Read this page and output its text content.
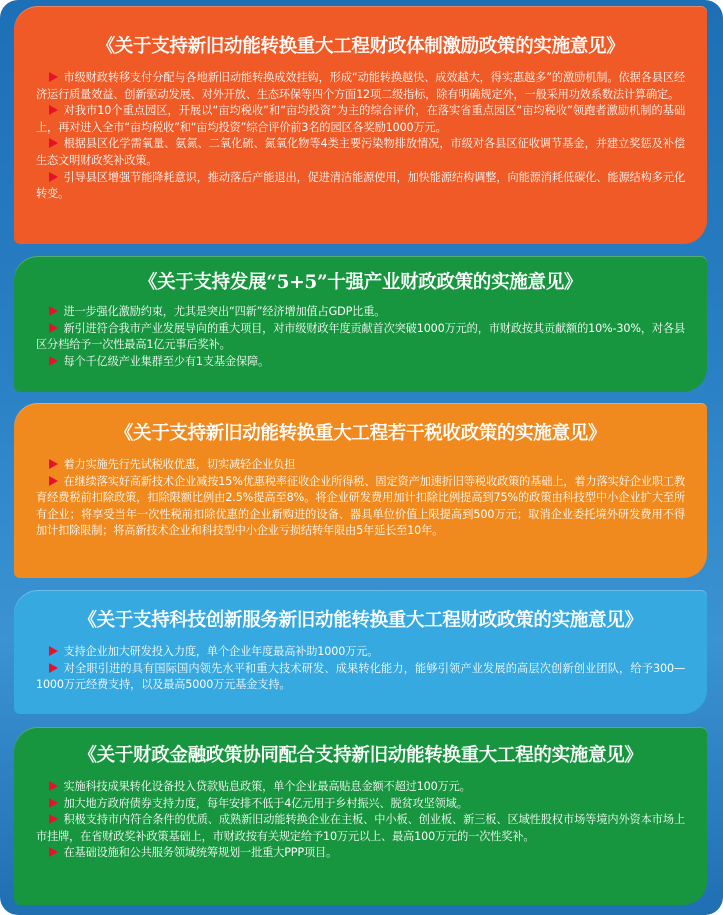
《关于支持新旧动能转换重大工程财政体制激励政策的实施意见》

市级财政转移支付分配与各地新旧动能转换成效挂钩，形成“动能转换越快、成效越大，得实惠越多”的激励机制。依据各县区经济运行质量效益、创新驱动发展、对外开放、生态环保等四个方面12项二级指标，除有明确规定外，一般采用功效系数法计算确定。

对我市10个重点园区，开展以“亩均税收”和“亩均投资”为主的综合评价，在落实省重点园区“亩均税收”领跑者激励机制的基础上，再对进入全市“亩均税收”和“亩均投资”综合评价前3名的园区各奖励1000万元。

根据县区化学需氧量、氨氮、二氧化硫、氮氧化物等4类主要污染物排放情况，市级对各县区征收调节基金，并建立奖惩及补偿生态文明财政奖补政策。

引导县区增强节能降耗意识，推动落后产能退出，促进清洁能源使用，加快能源结构调整，向能源消耗低碳化、能源结构多元化转变。

《关于支持发展“5+5”十强产业财政政策的实施意见》

进一步强化激励约束，尤其是突出“四新”经济增加值占GDP比重。

新引进符合我市产业发展导向的重大项目，对市级财政年度贡献首次突破1000万元的，市财政按其贡献额的10%-30%，对各县区分档给予一次性最高1亿元事后奖补。

每个千亿级产业集群至少有1支基金保障。

《关于支持新旧动能转换重大工程若干税收政策的实施意见》

着力实施先行先试税收优惠，切实减轻企业负担

在继续落实好高新技术企业减按15%优惠税率征收企业所得税、固定资产加速折旧等税收政策的基础上，着力落实好企业职工教育经费税前扣除政策，扣除限额比例由2.5%提高至8%。将企业研发费用加计扣除比例提高到75%的政策由科技型中小企业扩大至所有企业；将享受当年一次性税前扣除优惠的企业新购进的设备、器具单位价值上限提高到500万元；取消企业委托境外研发费用不得加计扣除限制；将高新技术企业和科技型中小企业亏损结转年限由5年延长至10年。

《关于支持科技创新服务新旧动能转换重大工程财政政策的实施意见》

支持企业加大研发投入力度，单个企业年度最高补助1000万元。

对全职引进的具有国际国内领先水平和重大技术研发、成果转化能力，能够引领产业发展的高层次创新创业团队，给予300—1000万元经费支持，以及最高5000万元基金支持。

《关于财政金融政策协同配合支持新旧动能转换重大工程的实施意见》

实施科技成果转化设备投入贷款贴息政策，单个企业最高贴息金额不超过100万元。

加大地方政府债券支持力度，每年安排不低于4亿元用于乡村振兴、脱贫攻坚领域。

积极支持市内符合条件的优质、成熟新旧动能转换企业在主板、中小板、创业板、新三板、区域性股权市场等境内外资本市场上市挂牌，在省财政奖补政策基础上，市财政按有关规定给予10万元以上、最高100万元的一次性奖补。

在基础设施和公共服务领域统筹规划一批重大PPP项目。
